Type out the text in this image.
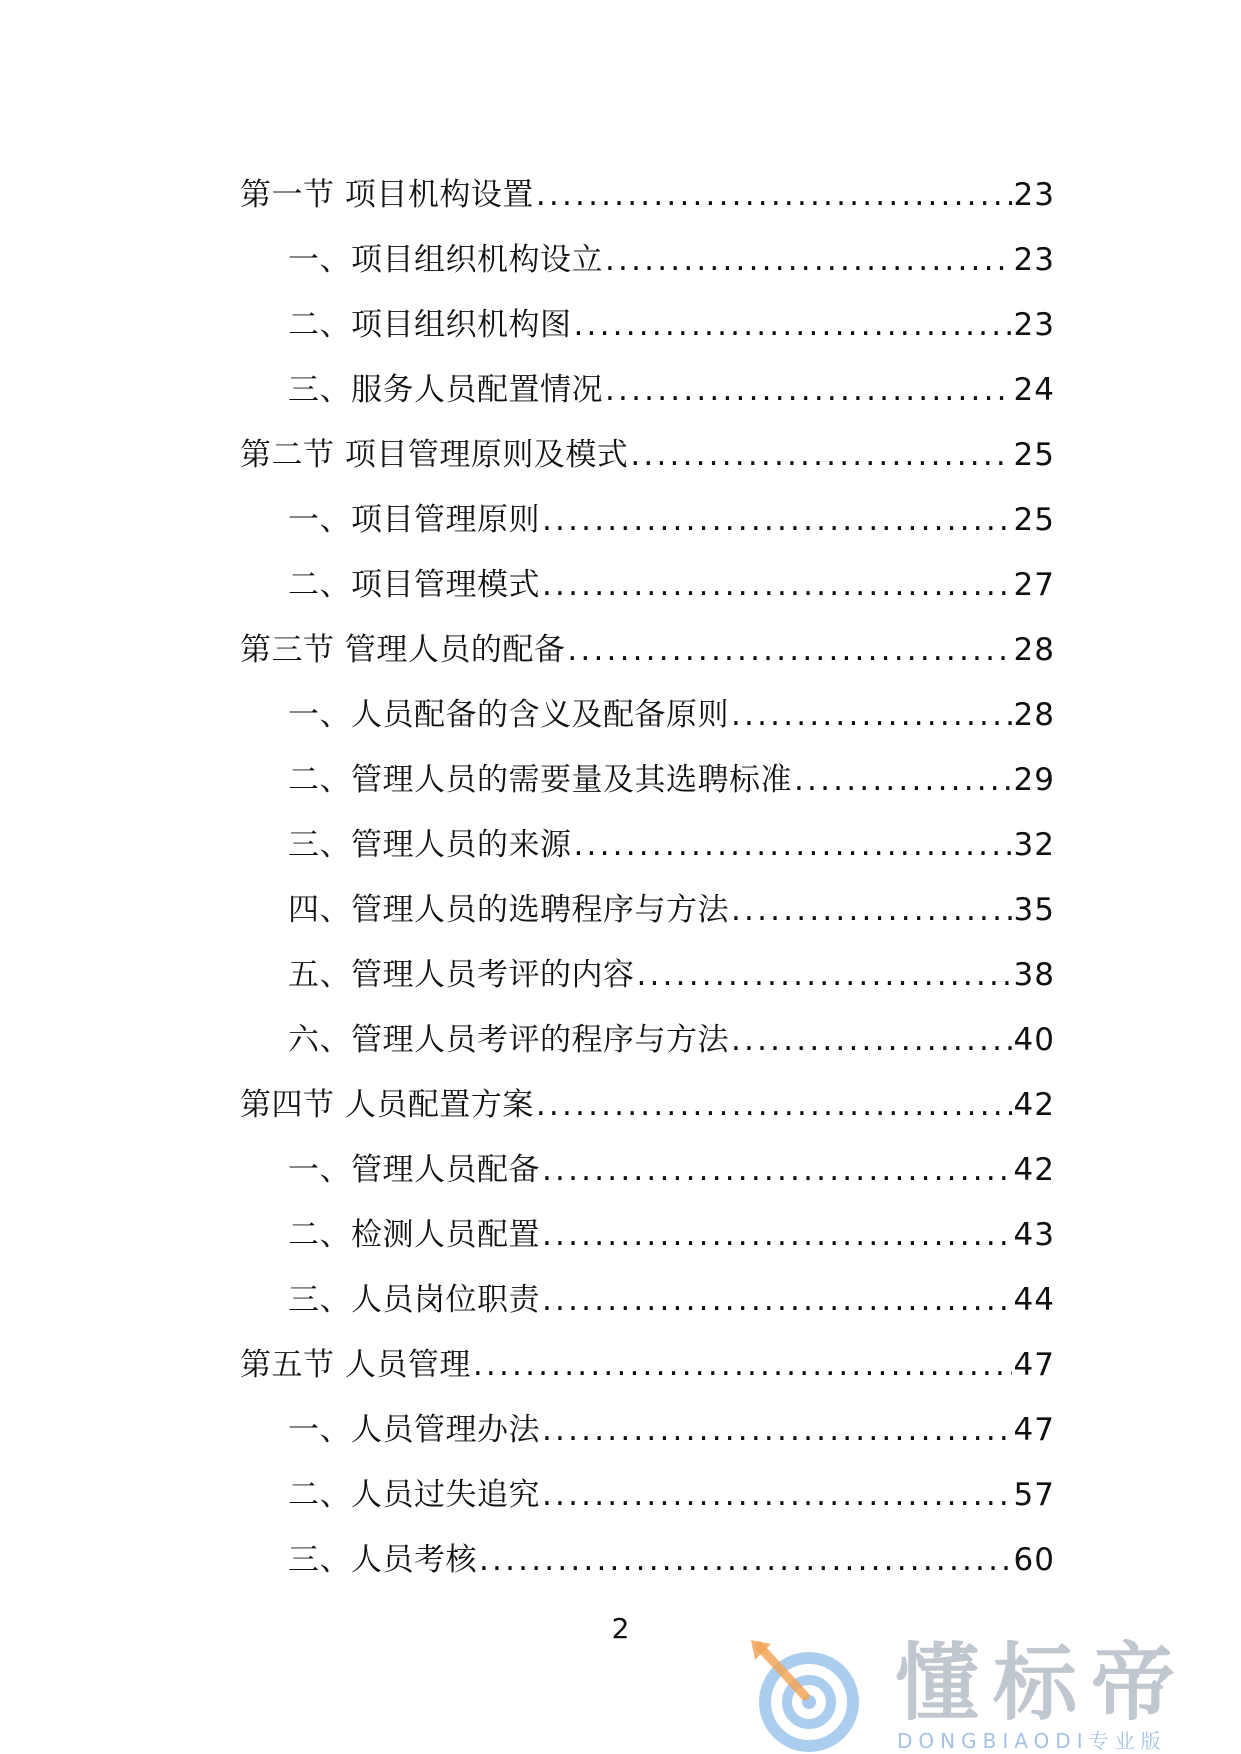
第一节 项目机构设置 .....	23
一、项目组织机构设立 .....	23
二、项目组织机构图 .....	23
三、服务人员配置情况 .....	24
第二节 项目管理原则及模式 .....	25
一、项目管理原则 .....	25
二、项目管理模式 .....	27
第三节 管理人员的配备 .....	28
一、人员配备的含义及配备原则 .....	28
二、管理人员的需要量及其选聘标准 .....	29
三、管理人员的来源 .....	32
四、管理人员的选聘程序与方法 .....	35
五、管理人员考评的内容 .....	38
六、管理人员考评的程序与方法 .....	40
第四节 人员配置方案 .....	42
一、管理人员配备 .....	42
二、检测人员配置 .....	43
三、人员岗位职责 .....	44
第五节 人员管理 .....	47
一、人员管理办法 .....	47
二、人员过失追究 .....	57
三、人员考核 .....	60
2
懂标帝
DONGBIAODI专业版
